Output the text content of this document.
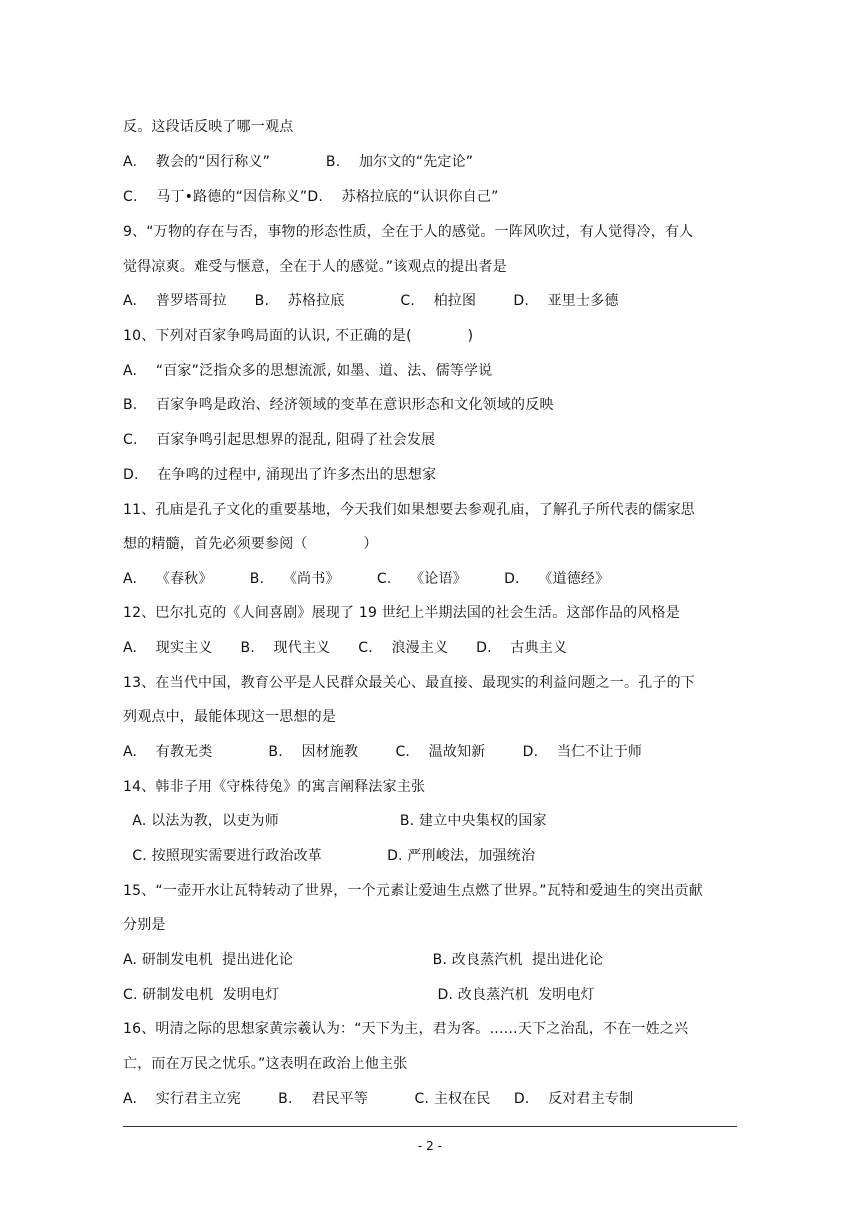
反。这段话反映了哪一观点
A.    教会的“因行称义”            B.    加尔文的“先定论”
C.    马丁•路德的“因信称义”D.    苏格拉底的“认识你自己”
9、“万物的存在与否，事物的形态性质，全在于人的感觉。一阵风吹过，有人觉得冷，有人
觉得凉爽。难受与惬意，全在于人的感觉。”该观点的提出者是
A.    普罗塔哥拉      B.    苏格拉底            C.    柏拉图        D.    亚里士多德
10、下列对百家争鸣局面的认识, 不正确的是(            )
A.    “百家”泛指众多的思想流派, 如墨、道、法、儒等学说
B.    百家争鸣是政治、经济领域的变革在意识形态和文化领域的反映
C.    百家争鸣引起思想界的混乱, 阻碍了社会发展
D.    在争鸣的过程中, 涌现出了许多杰出的思想家
11、孔庙是孔子文化的重要基地，今天我们如果想要去参观孔庙，了解孔子所代表的儒家思
想的精髓，首先必须要参阅（            ）
A.    《春秋》        B.    《尚书》        C.    《论语》        D.    《道德经》
12、巴尔扎克的《人间喜剧》展现了 19 世纪上半期法国的社会生活。这部作品的风格是
A.    现实主义      B.    现代主义      C.    浪漫主义      D.    古典主义
13、在当代中国，教育公平是人民群众最关心、最直接、最现实的利益问题之一。孔子的下
列观点中，最能体现这一思想的是
A.    有教无类            B.    因材施教        C.    温故知新        D.    当仁不让于师
14、韩非子用《守株待兔》的寓言阐释法家主张
A. 以法为教，以吏为师                          B. 建立中央集权的国家
C. 按照现实需要进行政治改革              D. 严刑峻法，加强统治
15、“一壶开水让瓦特转动了世界，一个元素让爱迪生点燃了世界。”瓦特和爱迪生的突出贡献
分别是
A. 研制发电机  提出进化论                              B. 改良蒸汽机  提出进化论
C. 研制发电机  发明电灯                                  D. 改良蒸汽机  发明电灯
16、明清之际的思想家黄宗羲认为：“天下为主，君为客。……天下之治乱，不在一姓之兴
亡，而在万民之忧乐。”这表明在政治上他主张
A.    实行君主立宪        B.    君民平等          C. 主权在民     D.    反对君主专制
- 2 -
